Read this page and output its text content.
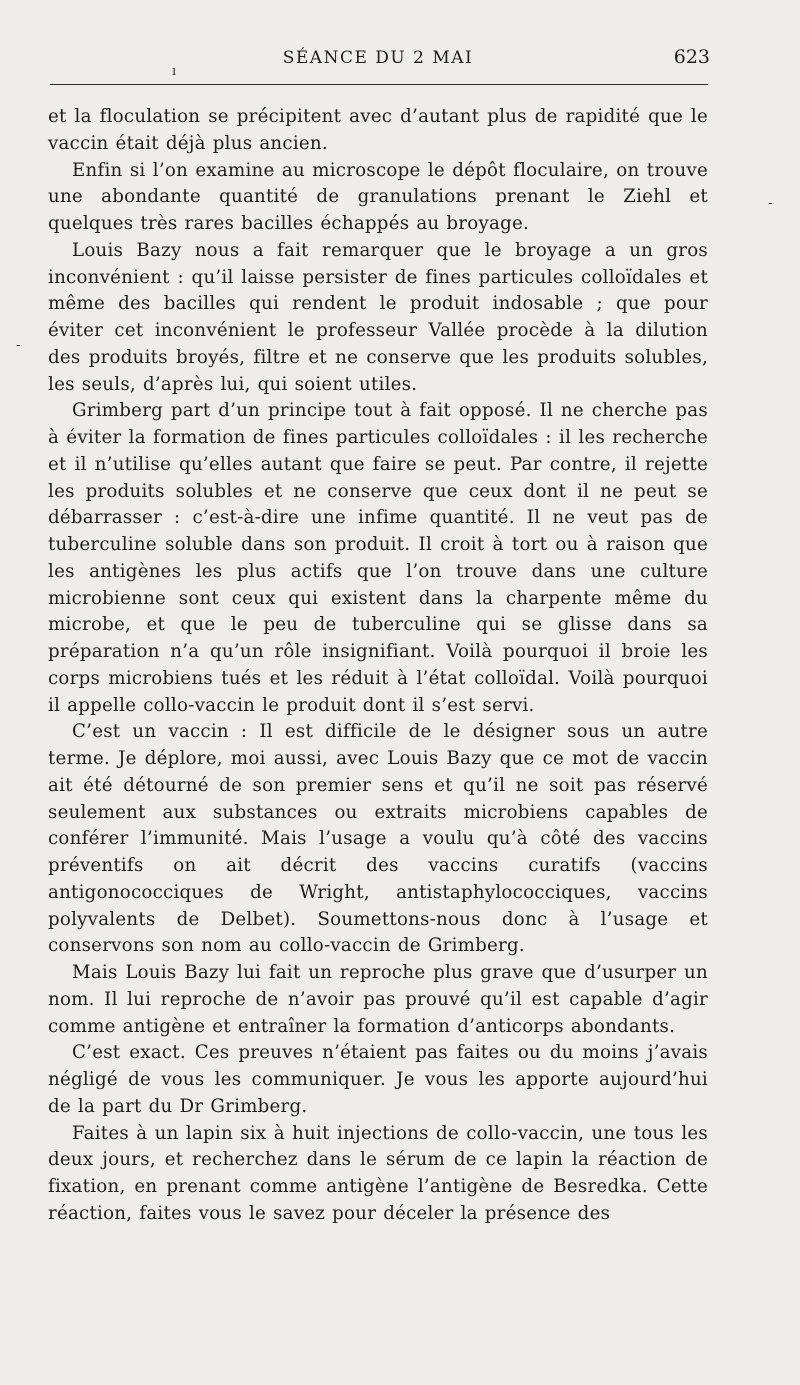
SÉANCE DU 2 MAI	623

et la floculation se précipitent avec d’autant plus de rapidité que le vaccin était déjà plus ancien.

Enfin si l’on examine au microscope le dépôt floculaire, on trouve une abondante quantité de granulations prenant le Ziehl et quelques très rares bacilles échappés au broyage.

Louis Bazy nous a fait remarquer que le broyage a un gros inconvénient : qu’il laisse persister de fines particules colloïdales et même des bacilles qui rendent le produit indosable ; que pour éviter cet inconvénient le professeur Vallée procède à la dilution des produits broyés, filtre et ne conserve que les produits solubles, les seuls, d’après lui, qui soient utiles.

Grimberg part d’un principe tout à fait opposé. Il ne cherche pas à éviter la formation de fines particules colloïdales : il les recherche et il n’utilise qu’elles autant que faire se peut. Par contre, il rejette les produits solubles et ne conserve que ceux dont il ne peut se débarrasser : c’est-à-dire une infime quantité. Il ne veut pas de tuberculine soluble dans son produit. Il croit à tort ou à raison que les antigènes les plus actifs que l’on trouve dans une culture microbienne sont ceux qui existent dans la charpente même du microbe, et que le peu de tuberculine qui se glisse dans sa préparation n’a qu’un rôle insignifiant. Voilà pourquoi il broie les corps microbiens tués et les réduit à l’état colloïdal. Voilà pourquoi il appelle collo-vaccin le produit dont il s’est servi.

C’est un vaccin : Il est difficile de le désigner sous un autre terme. Je déplore, moi aussi, avec Louis Bazy que ce mot de vaccin ait été détourné de son premier sens et qu’il ne soit pas réservé seulement aux substances ou extraits microbiens capables de conférer l’immunité. Mais l’usage a voulu qu’à côté des vaccins préventifs on ait décrit des vaccins curatifs (vaccins antigonococciques de Wright, antistaphylococciques, vaccins polyvalents de Delbet). Soumettons-nous donc à l’usage et conservons son nom au collo-vaccin de Grimberg.

Mais Louis Bazy lui fait un reproche plus grave que d’usurper un nom. Il lui reproche de n’avoir pas prouvé qu’il est capable d’agir comme antigène et entraîner la formation d’anticorps abondants.

C’est exact. Ces preuves n’étaient pas faites ou du moins j’avais négligé de vous les communiquer. Je vous les apporte aujourd’hui de la part du Dr Grimberg.

Faites à un lapin six à huit injections de collo-vaccin, une tous les deux jours, et recherchez dans le sérum de ce lapin la réaction de fixation, en prenant comme antigène l’antigène de Besredka. Cette réaction, faites vous le savez pour déceler la présence des

ı
-
-
